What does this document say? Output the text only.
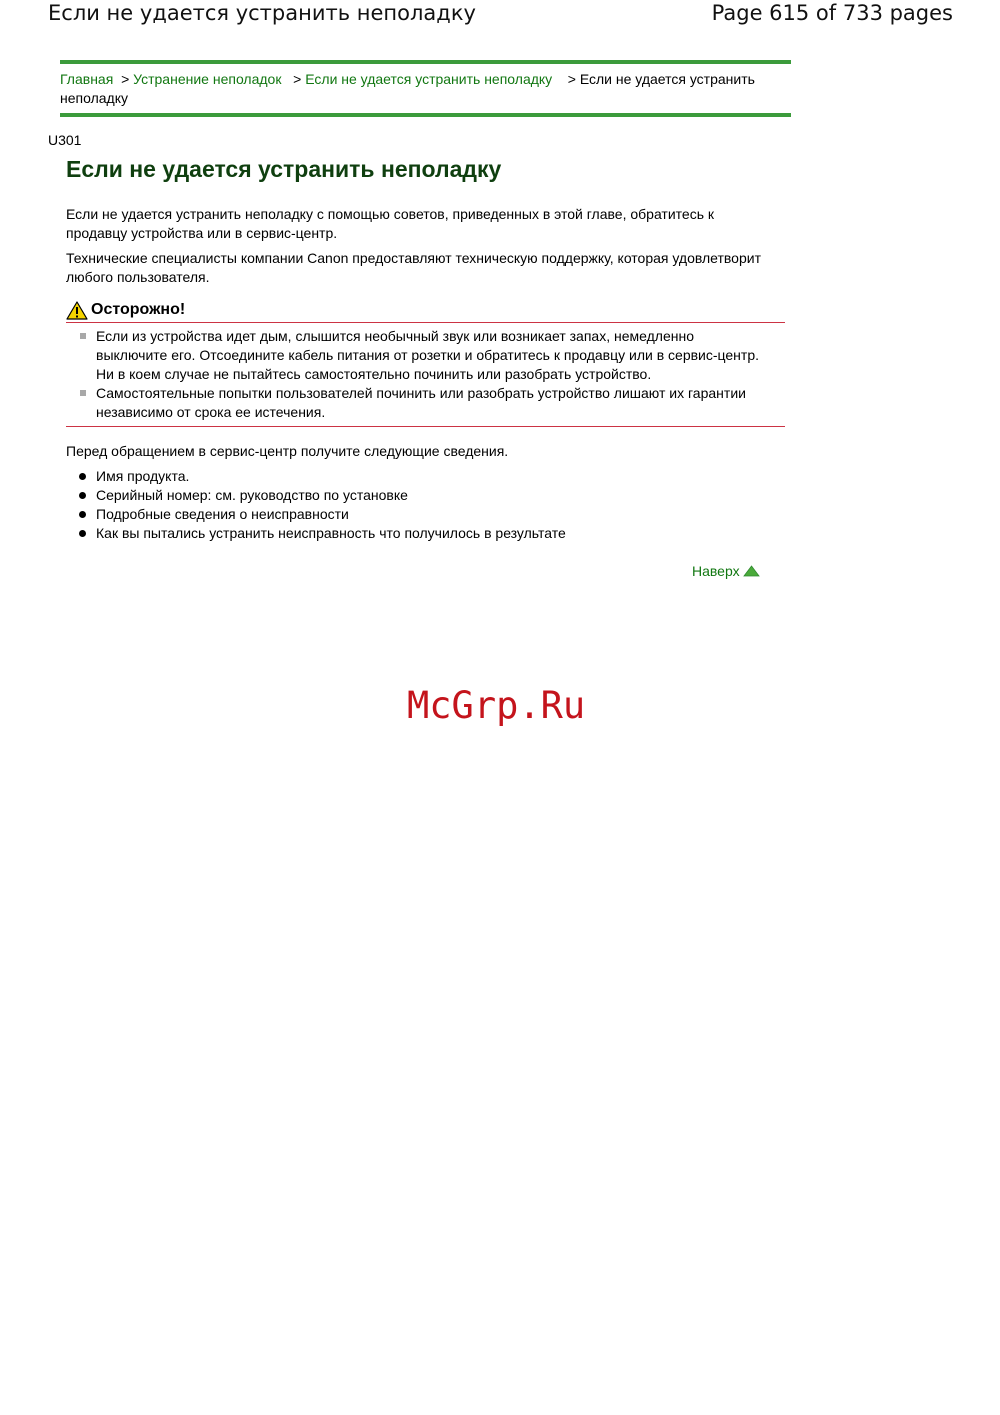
Если не удается устранить неполадку	Page 615 of 733 pages
Главная  > Устранение неполадок   > Если не удается устранить неполадку    > Если не удается устранить неполадку
U301
Если не удается устранить неполадку

Если не удается устранить неполадку с помощью советов, приведенных в этой главе, обратитесь к продавцу устройства или в сервис-центр.

Технические специалисты компании Canon предоставляют техническую поддержку, которая удовлетворит любого пользователя.

Осторожно!
Если из устройства идет дым, слышится необычный звук или возникает запах, немедленно выключите его. Отсоедините кабель питания от розетки и обратитесь к продавцу или в сервис-центр. Ни в коем случае не пытайтесь самостоятельно починить или разобрать устройство.
Самостоятельные попытки пользователей починить или разобрать устройство лишают их гарантии независимо от срока ее истечения.
Перед обращением в сервис-центр получите следующие сведения.
Имя продукта.
Серийный номер: см. руководство по установке
Подробные сведения о неисправности
Как вы пытались устранить неисправность что получилось в результате
Наверх
McGrp.Ru
